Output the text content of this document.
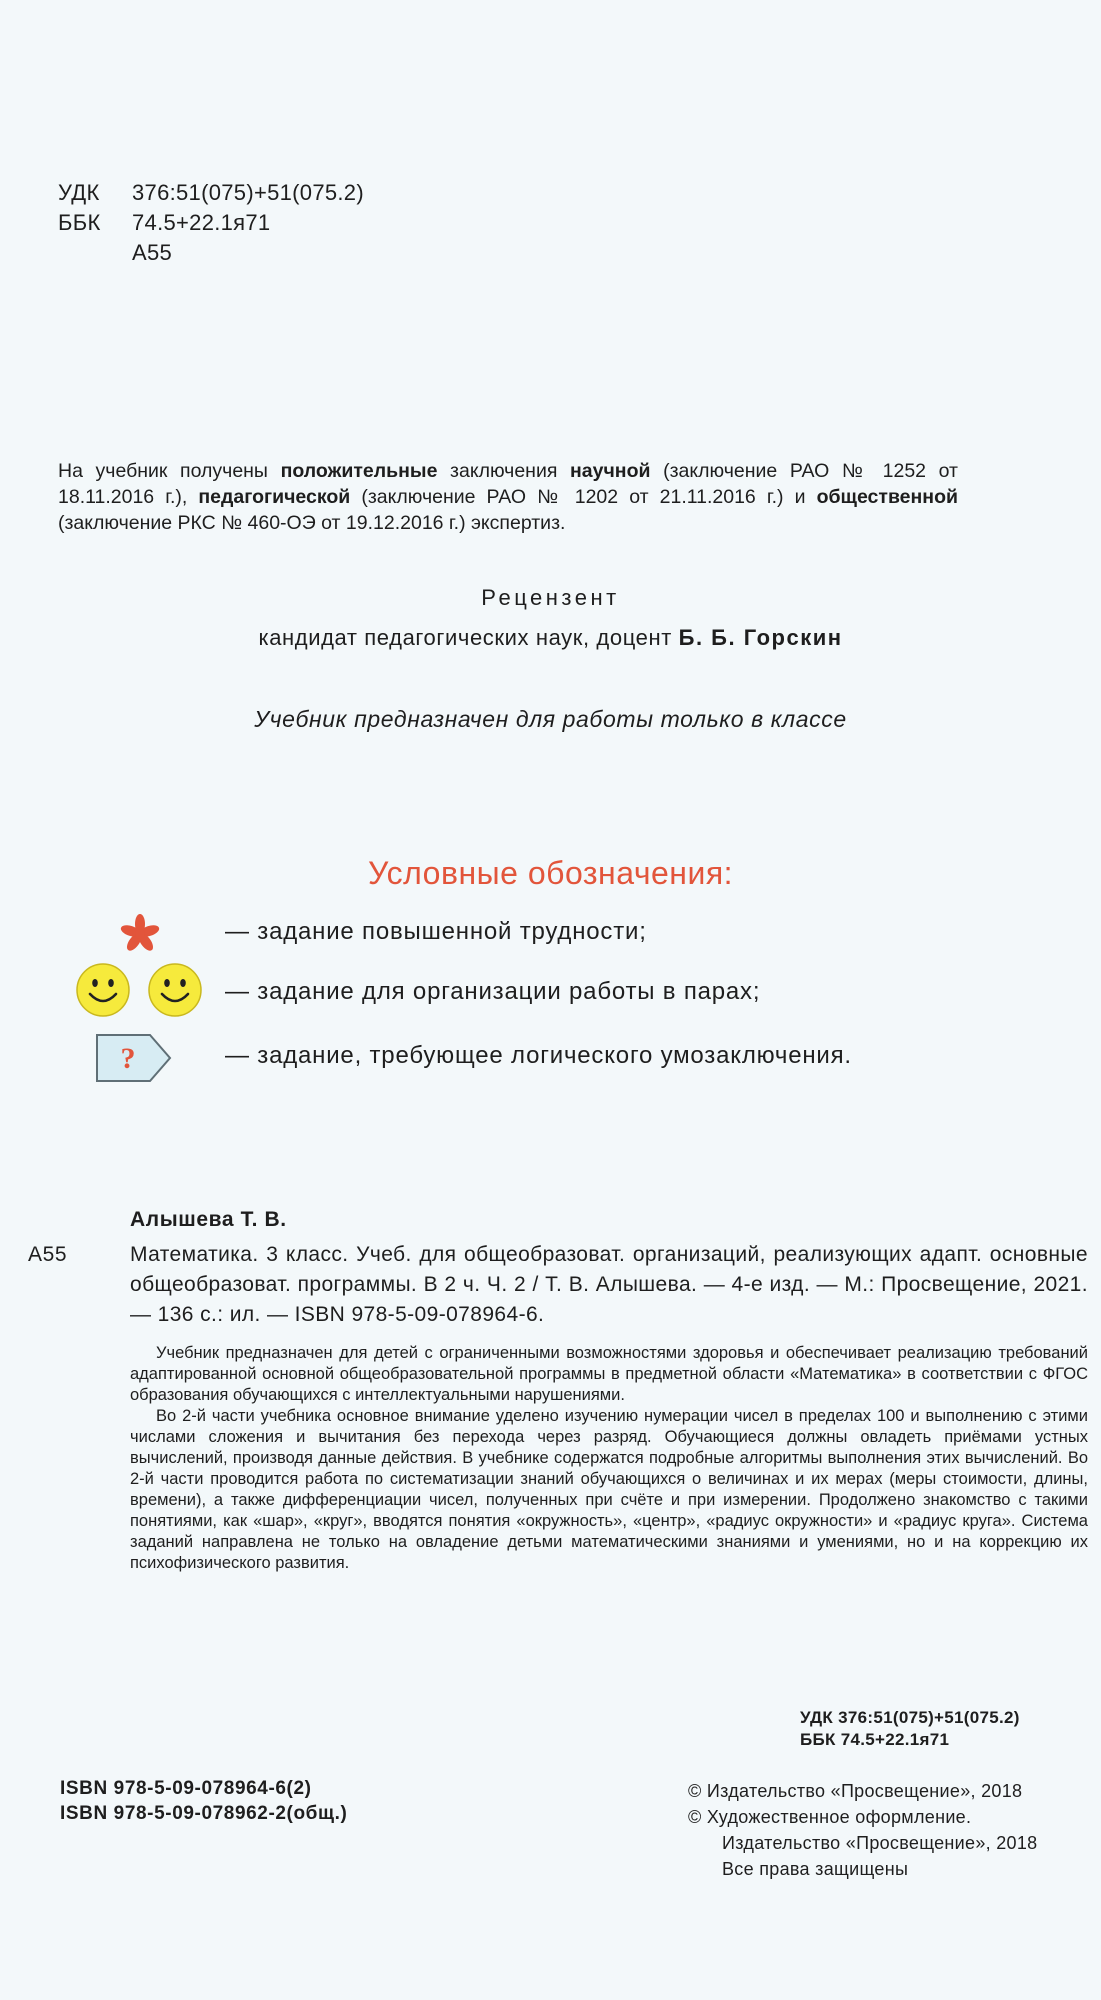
УДК	376:51(075)+51(075.2)
ББК	74.5+22.1я71
А55
На учебник получены положительные заключения научной (заключение РАО № 1252 от 18.11.2016 г.), педагогической (заключение РАО № 1202 от 21.11.2016 г.) и общественной (заключение РКС № 460-ОЭ от 19.12.2016 г.) экспертиз.
Рецензент
кандидат педагогических наук, доцент Б. Б. Горскин
Учебник предназначен для работы только в классе
Условные обозначения:
— задание повышенной трудности;
— задание для организации работы в парах;
?	— задание, требующее логического умозаключения.
Алышева Т. В.
А55	Математика. 3 класс. Учеб. для общеобразоват. организаций, реализующих адапт. основные общеобразоват. программы. В 2 ч. Ч. 2 / Т. В. Алышева. — 4-е изд. — М.: Просвещение, 2021. — 136 с.: ил. — ISBN 978-5-09-078964-6.

Учебник предназначен для детей с ограниченными возможностями здоровья и обеспечивает реализацию требований адаптированной основной общеобразовательной программы в предметной области «Математика» в соответствии с ФГОС образования обучающихся с интеллектуальными нарушениями.

Во 2-й части учебника основное внимание уделено изучению нумерации чисел в пределах 100 и выполнению с этими числами сложения и вычитания без перехода через разряд. Обучающиеся должны овладеть приёмами устных вычислений, производя данные действия. В учебнике содержатся подробные алгоритмы выполнения этих вычислений. Во 2-й части проводится работа по систематизации знаний обучающихся о величинах и их мерах (меры стоимости, длины, времени), а также дифференциации чисел, полученных при счёте и при измерении. Продолжено знакомство с такими понятиями, как «шар», «круг», вводятся понятия «окружность», «центр», «радиус окружности» и «радиус круга». Система заданий направлена не только на овладение детьми математическими знаниями и умениями, но и на коррекцию их психофизического развития.

УДК 376:51(075)+51(075.2)
ББК 74.5+22.1я71
ISBN 978-5-09-078964-6(2)
ISBN 978-5-09-078962-2(общ.)
© Издательство «Просвещение», 2018
© Художественное оформление.
Издательство «Просвещение», 2018
Все права защищены
